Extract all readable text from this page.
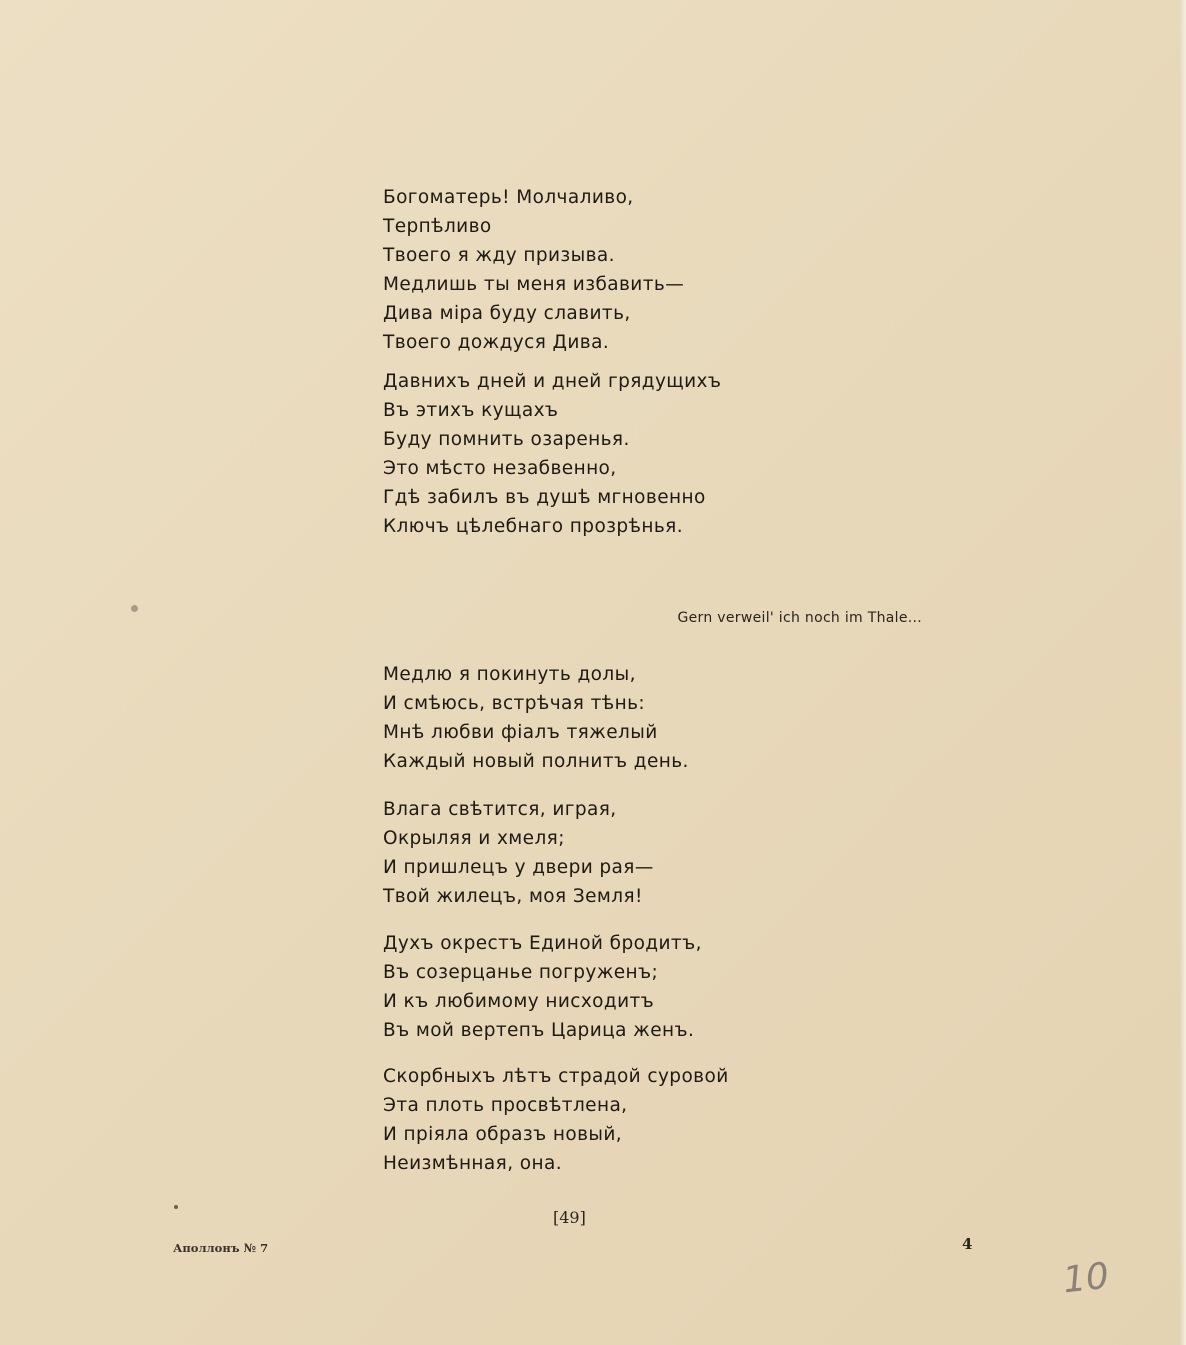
Богоматерь! Молчаливо,
Терпѣливо
Твоего я жду призыва.
Медлишь ты меня избавить—
Дива міра буду славить,
Твоего дождуся Дива.
Давнихъ дней и дней грядущихъ
Въ этихъ кущахъ
Буду помнить озаренья.
Это мѣсто незабвенно,
Гдѣ забилъ въ душѣ мгновенно
Ключъ цѣлебнаго прозрѣнья.
Gern verweil' ich noch im Thale...
Медлю я покинуть долы,
И смѣюсь, встрѣчая тѣнь:
Мнѣ любви фіалъ тяжелый
Каждый новый полнитъ день.
Влага свѣтится, играя,
Окрыляя и хмеля;
И пришлецъ у двери рая—
Твой жилецъ, моя Земля!
Духъ окрестъ Единой бродитъ,
Въ созерцанье погруженъ;
И къ любимому нисходитъ
Въ мой вертепъ Царица женъ.
Скорбныхъ лѣтъ страдой суровой
Эта плоть просвѣтлена,
И пріяла образъ новый,
Неизмѣнная, она.
[49]
Аполлонъ № 7	4
10
